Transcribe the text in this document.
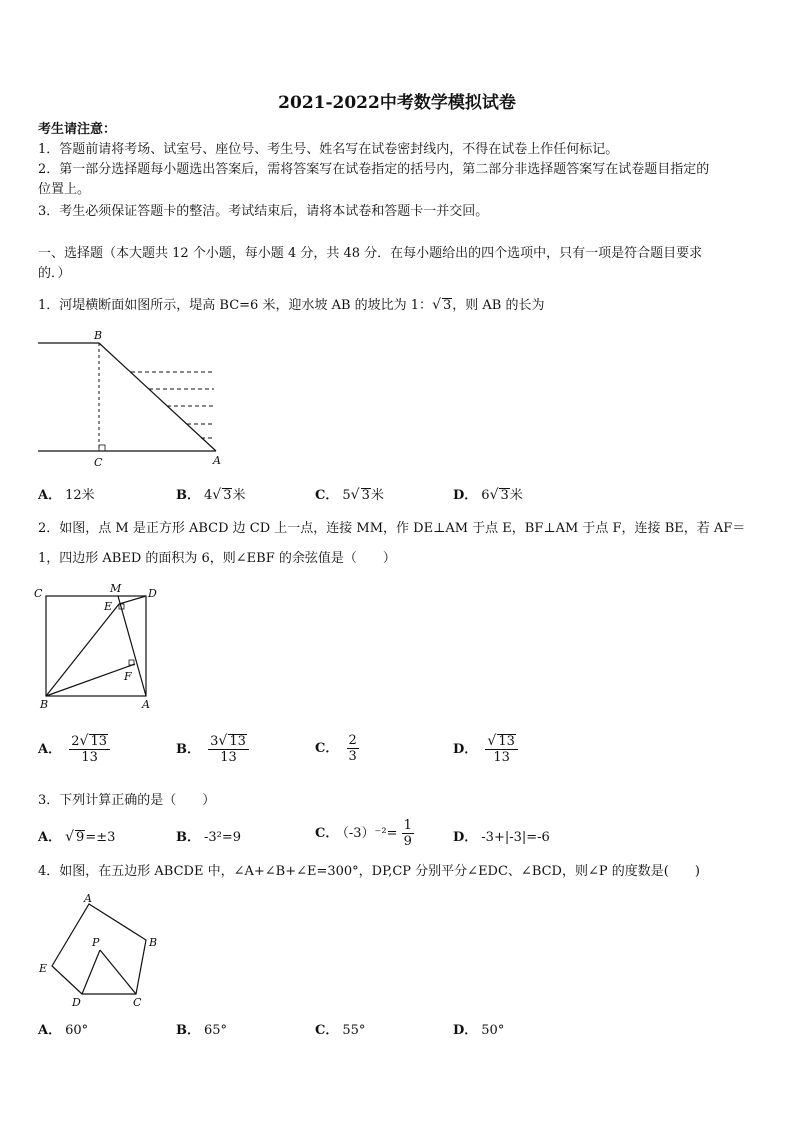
2021-2022中考数学模拟试卷
考生请注意：
1．答题前请将考场、试室号、座位号、考生号、姓名写在试卷密封线内，不得在试卷上作任何标记。
2．第一部分选择题每小题选出答案后，需将答案写在试卷指定的括号内，第二部分非选择题答案写在试卷题目指定的
位置上。
3．考生必须保证答题卡的整洁。考试结束后，请将本试卷和答题卡一并交回。
一、选择题（本大题共 12 个小题，每小题 4 分，共 48 分．在每小题给出的四个选项中，只有一项是符合题目要求
的．）
1．河堤横断面如图所示，堤高 BC=6 米，迎水坡 AB 的坡比为 1：√ 3，则 AB 的长为
B
C	A
A． 12米	B． 4√ 3米	C． 5√ 3米	D． 6√ 3米
2．如图，点 M 是正方形 ABCD 边 CD 上一点，连接 MM，作 DE⊥AM 于点 E，BF⊥AM 于点 F，连接 BE，若 AF＝
1，四边形 ABED 的面积为 6，则∠EBF 的余弦值是（　　）
C	M D
E
F
B	A
A． $\frac{2√ 13}{13}$	B． $\frac{3√ 13}{13}$	C． $\frac{2}{3}$	D． $\frac{√ 13}{13}$
3．下列计算正确的是（　　）
A． √ 9=±3	B． -3²=9	C． $(-3)^{-2}= \frac{1}{9}$	D． -3+|-3|=-6
4．如图，在五边形 ABCDE 中，∠A+∠B+∠E=300°，DP,CP 分别平分∠EDC、∠BCD，则∠P 的度数是(　　)
A
B
C
D
E
P
A． 60°	B． 65°	C． 55°	D． 50°
